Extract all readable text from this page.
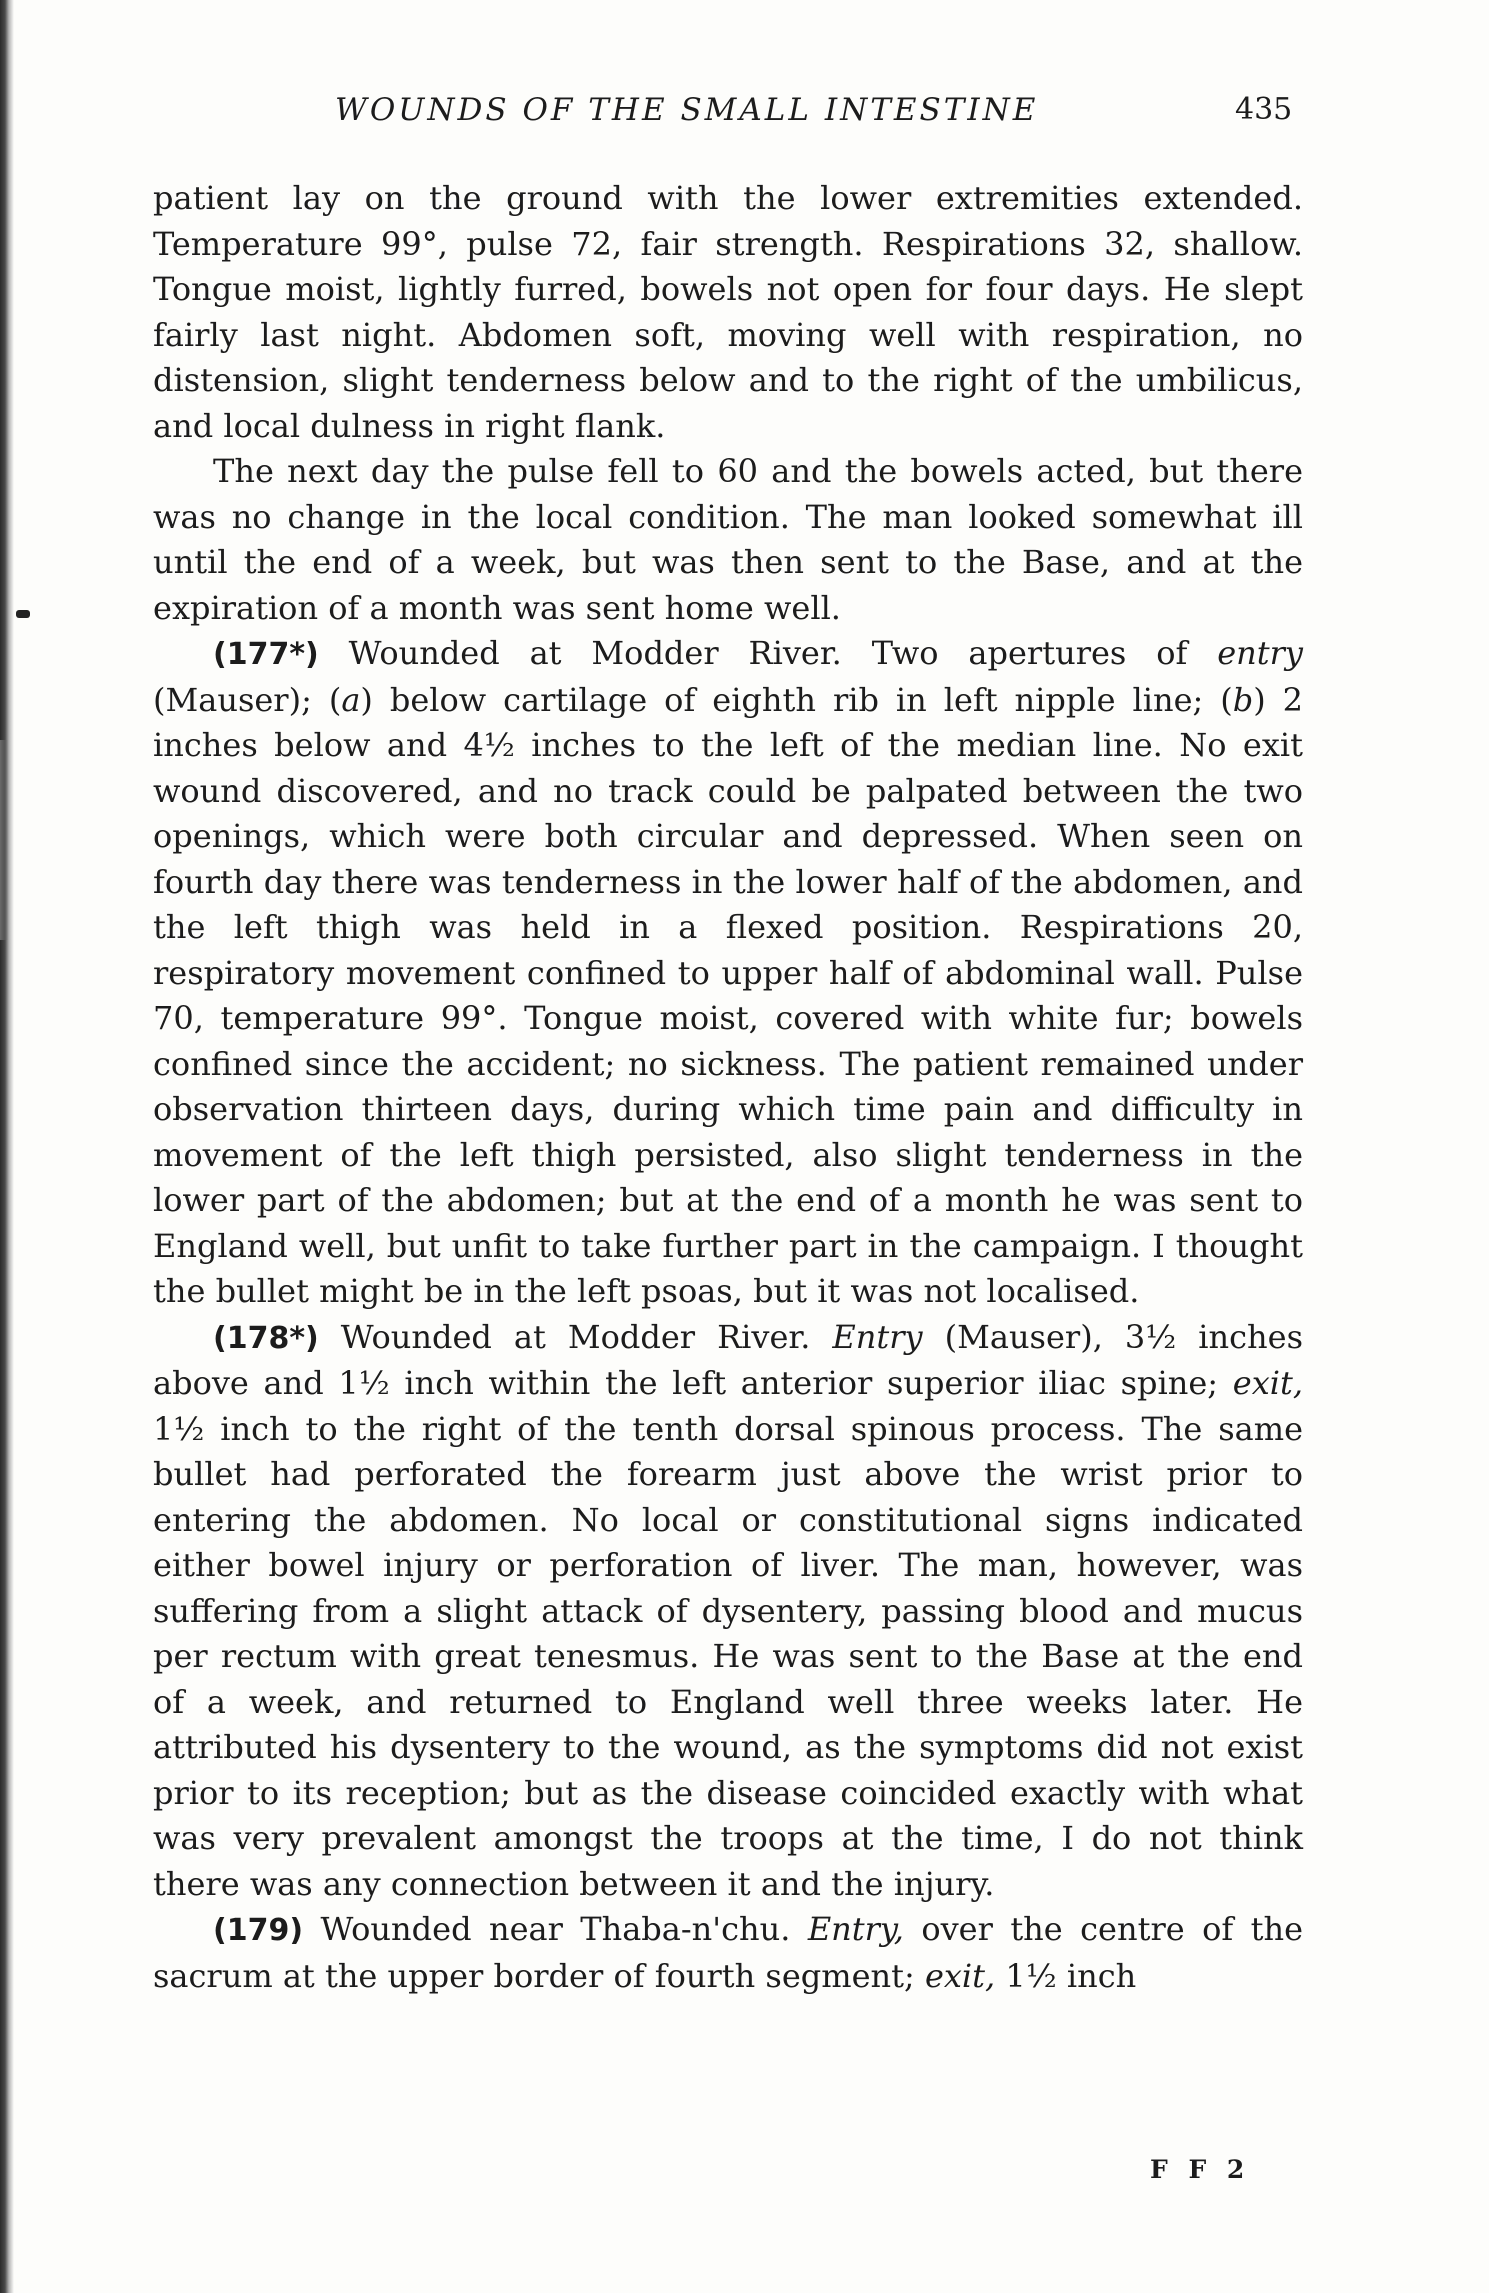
WOUNDS OF THE SMALL INTESTINE	435

patient lay on the ground with the lower extremities extended. Temperature 99°, pulse 72, fair strength. Respirations 32, shallow. Tongue moist, lightly furred, bowels not open for four days. He slept fairly last night. Abdomen soft, moving well with respiration, no distension, slight tenderness below and to the right of the umbilicus, and local dulness in right flank.

The next day the pulse fell to 60 and the bowels acted, but there was no change in the local condition. The man looked somewhat ill until the end of a week, but was then sent to the Base, and at the expiration of a month was sent home well.

(177*) Wounded at Modder River. Two apertures of entry (Mauser); (a) below cartilage of eighth rib in left nipple line; (b) 2 inches below and 4½ inches to the left of the median line. No exit wound discovered, and no track could be palpated between the two openings, which were both circular and depressed. When seen on fourth day there was tenderness in the lower half of the abdomen, and the left thigh was held in a flexed position. Respirations 20, respiratory movement confined to upper half of abdominal wall. Pulse 70, temperature 99°. Tongue moist, covered with white fur; bowels confined since the accident; no sickness. The patient remained under observation thirteen days, during which time pain and difficulty in movement of the left thigh persisted, also slight tenderness in the lower part of the abdomen; but at the end of a month he was sent to England well, but unfit to take further part in the campaign. I thought the bullet might be in the left psoas, but it was not localised.

(178*) Wounded at Modder River. Entry (Mauser), 3½ inches above and 1½ inch within the left anterior superior iliac spine; exit, 1½ inch to the right of the tenth dorsal spinous process. The same bullet had perforated the forearm just above the wrist prior to entering the abdomen. No local or constitutional signs indicated either bowel injury or perforation of liver. The man, however, was suffering from a slight attack of dysentery, passing blood and mucus per rectum with great tenesmus. He was sent to the Base at the end of a week, and returned to England well three weeks later. He attributed his dysentery to the wound, as the symptoms did not exist prior to its reception; but as the disease coincided exactly with what was very prevalent amongst the troops at the time, I do not think there was any connection between it and the injury.

(179) Wounded near Thaba-n'chu. Entry, over the centre of the sacrum at the upper border of fourth segment; exit, 1½ inch

F F 2
